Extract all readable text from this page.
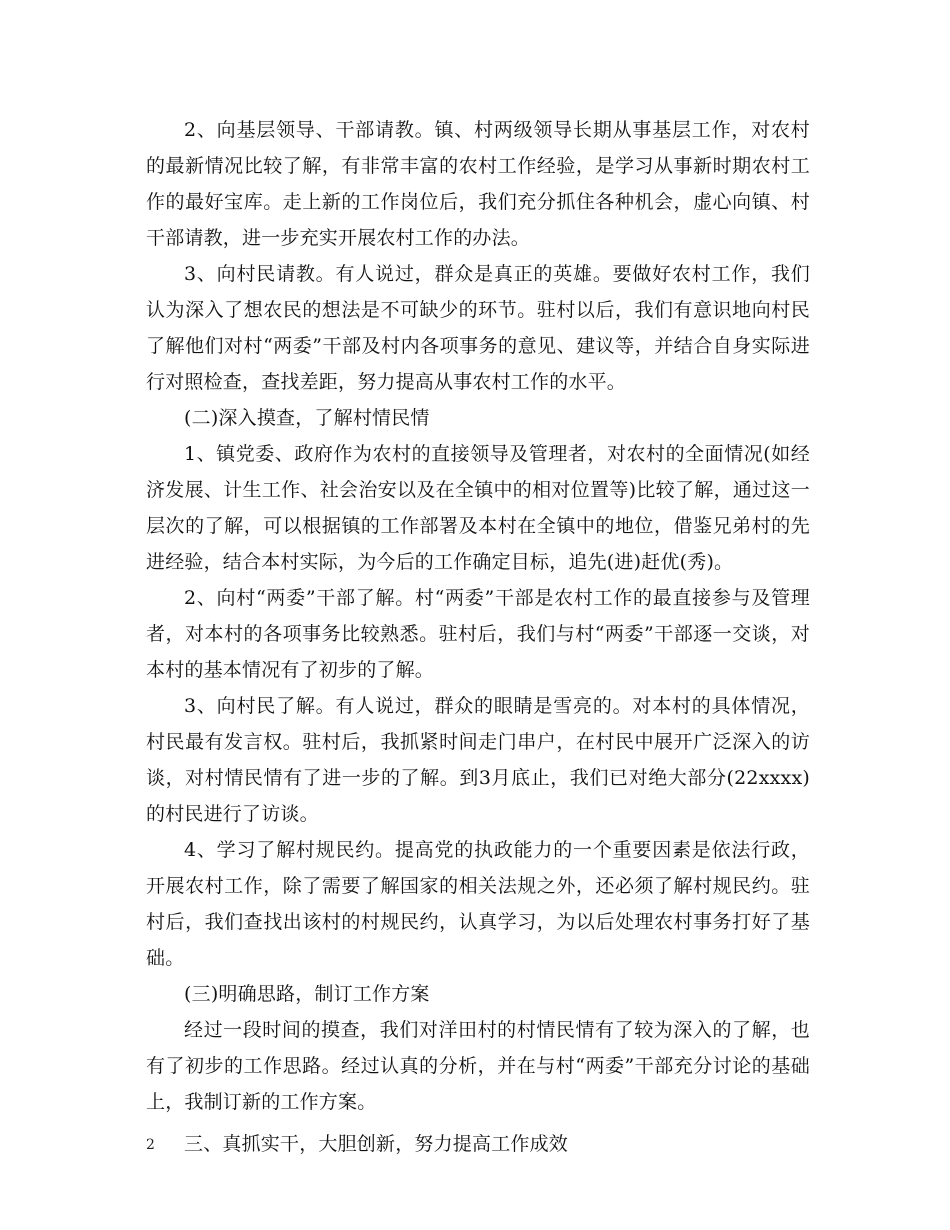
2、向基层领导、干部请教。镇、村两级领导长期从事基层工作，对农村的最新情况比较了解，有非常丰富的农村工作经验，是学习从事新时期农村工作的最好宝库。走上新的工作岗位后，我们充分抓住各种机会，虚心向镇、村干部请教，进一步充实开展农村工作的办法。

3、向村民请教。有人说过，群众是真正的英雄。要做好农村工作，我们认为深入了想农民的想法是不可缺少的环节。驻村以后，我们有意识地向村民了解他们对村“两委”干部及村内各项事务的意见、建议等，并结合自身实际进行对照检查，查找差距，努力提高从事农村工作的水平。

(二)深入摸查，了解村情民情

1、镇党委、政府作为农村的直接领导及管理者，对农村的全面情况(如经济发展、计生工作、社会治安以及在全镇中的相对位置等)比较了解，通过这一层次的了解，可以根据镇的工作部署及本村在全镇中的地位，借鉴兄弟村的先进经验，结合本村实际，为今后的工作确定目标，追先(进)赶优(秀)。

2、向村“两委”干部了解。村“两委”干部是农村工作的最直接参与及管理者，对本村的各项事务比较熟悉。驻村后，我们与村“两委”干部逐一交谈，对本村的基本情况有了初步的了解。

3、向村民了解。有人说过，群众的眼睛是雪亮的。对本村的具体情况，村民最有发言权。驻村后，我抓紧时间走门串户，在村民中展开广泛深入的访谈，对村情民情有了进一步的了解。到3月底止，我们已对绝大部分(22xxxx)的村民进行了访谈。

4、学习了解村规民约。提高党的执政能力的一个重要因素是依法行政，开展农村工作，除了需要了解国家的相关法规之外，还必须了解村规民约。驻村后，我们查找出该村的村规民约，认真学习，为以后处理农村事务打好了基础。

(三)明确思路，制订工作方案

经过一段时间的摸查，我们对洋田村的村情民情有了较为深入的了解，也有了初步的工作思路。经过认真的分析，并在与村“两委”干部充分讨论的基础上，我制订新的工作方案。

三、真抓实干，大胆创新，努力提高工作成效

2
